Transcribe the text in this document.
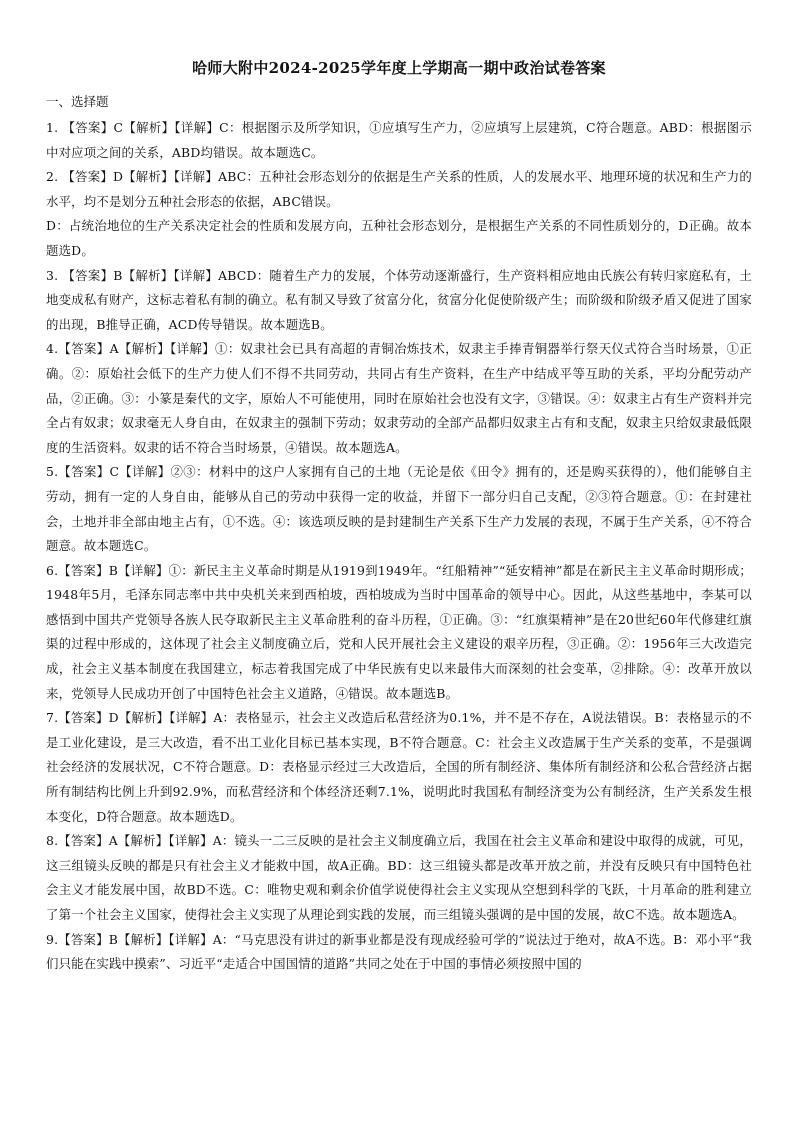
哈师大附中2024-2025学年度上学期高一期中政治试卷答案
一、选择题

1. 【答案】C【解析】【详解】C：根据图示及所学知识，①应填写生产力，②应填写上层建筑，C符合题意。ABD：根据图示中对应项之间的关系，ABD均错误。故本题选C。

2. 【答案】D【解析】【详解】ABC：五种社会形态划分的依据是生产关系的性质，人的发展水平、地理环境的状况和生产力的水平，均不是划分五种社会形态的依据，ABC错误。

D：占统治地位的生产关系决定社会的性质和发展方向，五种社会形态划分，是根据生产关系的不同性质划分的，D正确。故本题选D。

3. 【答案】B【解析】【详解】ABCD：随着生产力的发展，个体劳动逐渐盛行，生产资料相应地由氏族公有转归家庭私有，土地变成私有财产，这标志着私有制的确立。私有制又导致了贫富分化，贫富分化促使阶级产生；而阶级和阶级矛盾又促进了国家的出现，B推导正确，ACD传导错误。故本题选B。

4.【答案】A【解析】【详解】①：奴隶社会已具有高超的青铜冶炼技术，奴隶主手捧青铜器举行祭天仪式符合当时场景，①正确。②：原始社会低下的生产力使人们不得不共同劳动，共同占有生产资料，在生产中结成平等互助的关系，平均分配劳动产品，②正确。③：小篆是秦代的文字，原始人不可能使用，同时在原始社会也没有文字，③错误。④：奴隶主占有生产资料并完全占有奴隶；奴隶毫无人身自由，在奴隶主的强制下劳动；奴隶劳动的全部产品都归奴隶主占有和支配，奴隶主只给奴隶最低限度的生活资料。奴隶的话不符合当时场景，④错误。故本题选A。

5.【答案】C【详解】②③：材料中的这户人家拥有自己的土地（无论是依《田令》拥有的，还是购买获得的），他们能够自主劳动，拥有一定的人身自由，能够从自己的劳动中获得一定的收益，并留下一部分归自己支配，②③符合题意。①：在封建社会，土地并非全部由地主占有，①不选。④：该选项反映的是封建制生产关系下生产力发展的表现，不属于生产关系，④不符合题意。故本题选C。

6.【答案】B【详解】①：新民主主义革命时期是从1919到1949年。“红船精神”“延安精神”都是在新民主主义革命时期形成；1948年5月，毛泽东同志率中共中央机关来到西柏坡，西柏坡成为当时中国革命的领导中心。因此，从这些基地中，李某可以感悟到中国共产党领导各族人民夺取新民主主义革命胜利的奋斗历程，①正确。③：“红旗渠精神”是在20世纪60年代修建红旗渠的过程中形成的，这体现了社会主义制度确立后，党和人民开展社会主义建设的艰辛历程，③正确。②：1956年三大改造完成，社会主义基本制度在我国建立，标志着我国完成了中华民族有史以来最伟大而深刻的社会变革，②排除。④：改革开放以来，党领导人民成功开创了中国特色社会主义道路，④错误。故本题选B。

7.【答案】D【解析】【详解】A：表格显示，社会主义改造后私营经济为0.1%，并不是不存在，A说法错误。B：表格显示的不是工业化建设，是三大改造，看不出工业化目标已基本实现，B不符合题意。C：社会主义改造属于生产关系的变革，不是强调社会经济的发展状况，C不符合题意。D：表格显示经过三大改造后，全国的所有制经济、集体所有制经济和公私合营经济占据所有制结构比例上升到92.9%，而私营经济和个体经济还剩7.1%，说明此时我国私有制经济变为公有制经济，生产关系发生根本变化，D符合题意。故本题选D。

8.【答案】A【解析】【详解】A：镜头一二三反映的是社会主义制度确立后，我国在社会主义革命和建设中取得的成就，可见，这三组镜头反映的都是只有社会主义才能救中国，故A正确。BD：这三组镜头都是改革开放之前，并没有反映只有中国特色社会主义才能发展中国，故BD不选。C：唯物史观和剩余价值学说使得社会主义实现从空想到科学的飞跃，十月革命的胜利建立了第一个社会主义国家，使得社会主义实现了从理论到实践的发展，而三组镜头强调的是中国的发展，故C不选。故本题选A。

9.【答案】B【解析】【详解】A：“马克思没有讲过的新事业都是没有现成经验可学的”说法过于绝对，故A不选。B：邓小平“我们只能在实践中摸索”、习近平“走适合中国国情的道路”共同之处在于中国的事情必须按照中国的
